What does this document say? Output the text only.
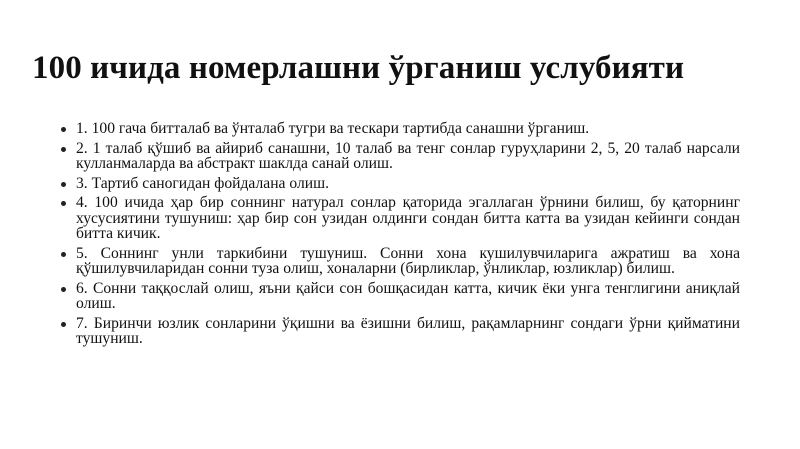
100 ичида номерлашни ўрганиш услубияти
1. 100 гача битталаб ва ўнталаб тугри ва тескари тартибда санашни ўрганиш.
2. 1 талаб қўшиб ва айириб санашни, 10 талаб ва тенг сонлар гуруҳларини 2, 5, 20 талаб нарсали кулланмаларда ва абстракт шаклда санай олиш.
3. Тартиб саногидан фойдалана олиш.
4. 100 ичида ҳар бир соннинг натурал сонлар қаторида эгаллаган ўрнини билиш, бу қаторнинг хусусиятини тушуниш: ҳар бир сон узидан олдинги сондан битта катта ва узидан кейинги сондан битта кичик.
5. Соннинг унли таркибини тушуниш. Сонни хона кушилувчиларига ажратиш ва хона қўшилувчиларидан сонни туза олиш, хоналарни (бирликлар, ўнликлар, юзликлар) билиш.
6. Сонни таққослай олиш, яъни қайси сон бошқасидан катта, кичик ёки унга тенглигини аниқлай олиш.
7. Биринчи юзлик сонларини ўқишни ва ёзишни билиш, рақамларнинг сондаги ўрни қийматини тушуниш.
